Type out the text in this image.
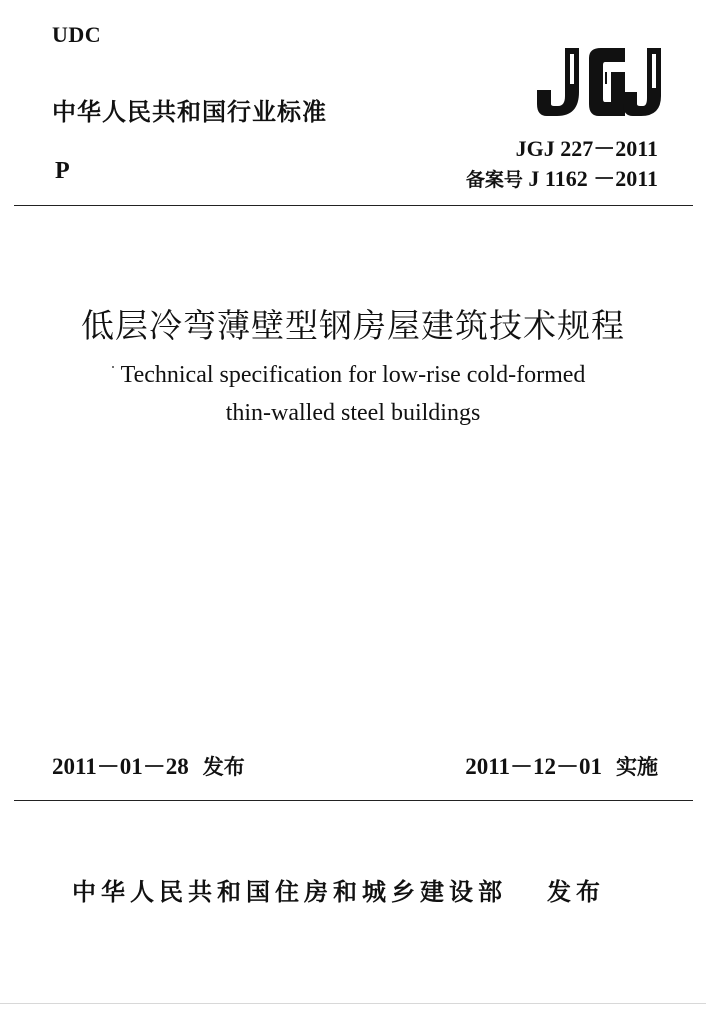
UDC
中华人民共和国行业标准
JGJ 227－2011
备案号 J 1162 －2011
P
低层冷弯薄壁型钢房屋建筑技术规程
Technical specification for low-rise cold-formed
thin-walled steel buildings
2011－01－28 发布	2011－12－01 实施
中华人民共和国住房和城乡建设部 发布
